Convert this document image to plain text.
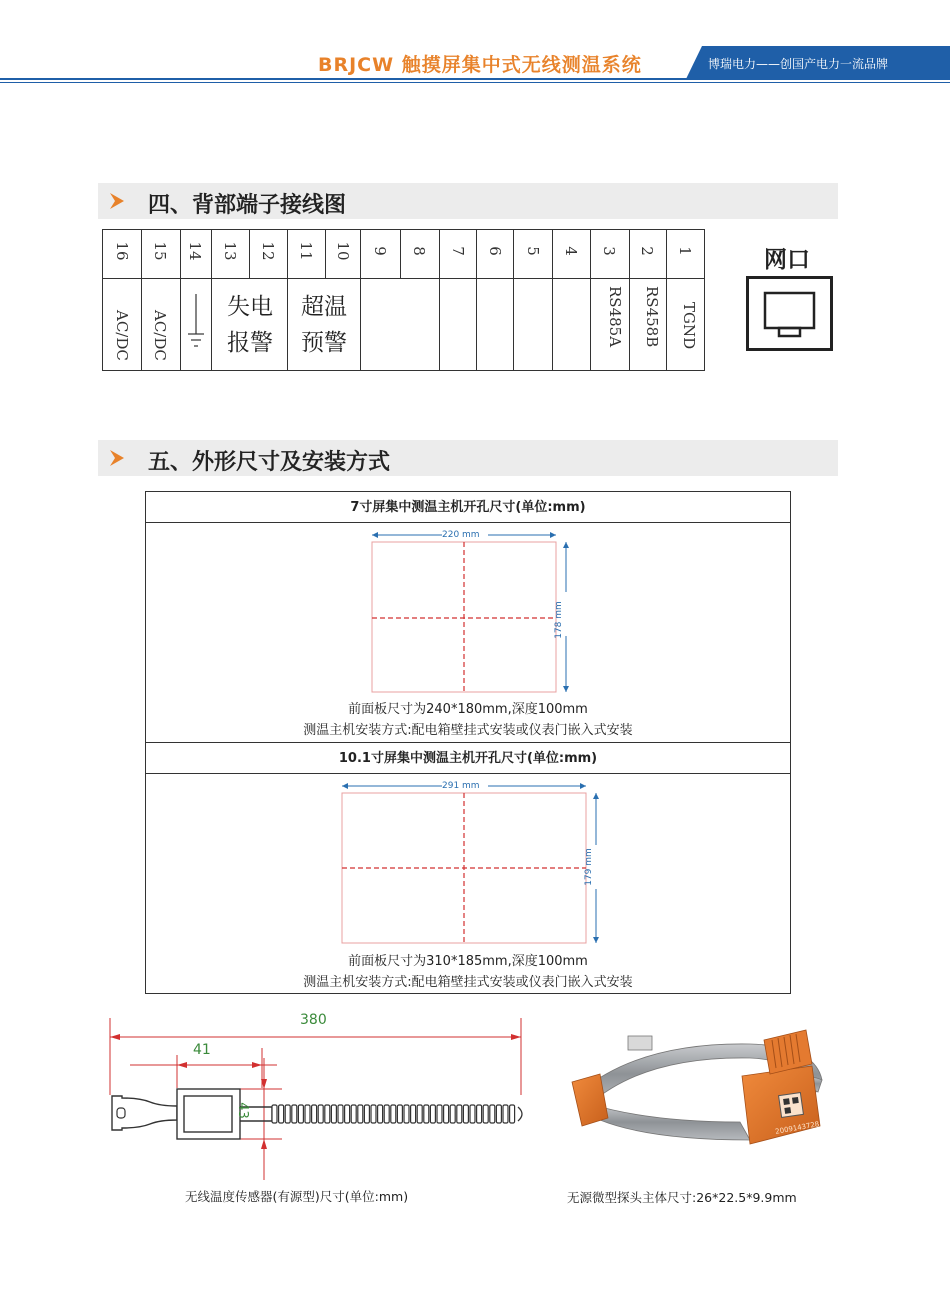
BRJCW 触摸屏集中式无线测温系统	博瑞电力——创国产电力一流品牌
四、背部端子接线图
16 15 14 13 12 11 10 9 8 7 6 5 4 3 2 1
AC/DC AC/DC
失电
报警
超温
预警	RS485A RS458B TGND
网口
五、外形尺寸及安装方式
7寸屏集中测温主机开孔尺寸(单位:mm)
220 mm
178 mm
前面板尺寸为240*180mm,深度100mm
测温主机安装方式:配电箱壁挂式安装或仪表门嵌入式安装
10.1寸屏集中测温主机开孔尺寸(单位:mm)
291 mm
179 mm
前面板尺寸为310*185mm,深度100mm
测温主机安装方式:配电箱壁挂式安装或仪表门嵌入式安装
380
41
43
无线温度传感器(有源型)尺寸(单位:mm)
2009143728
无源微型探头主体尺寸:26*22.5*9.9mm
